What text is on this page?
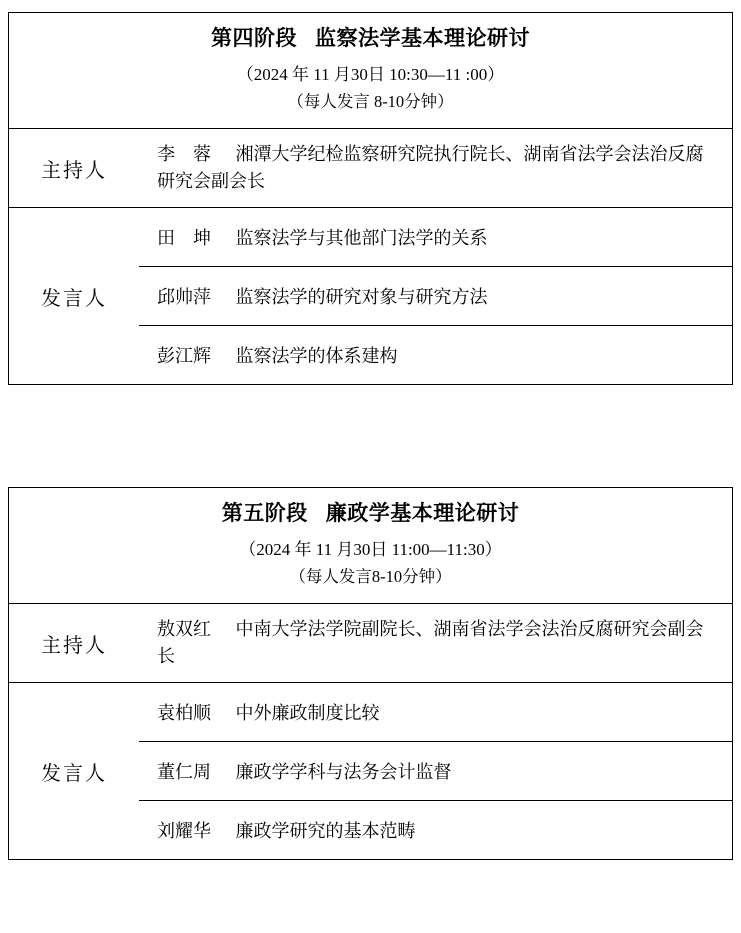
第四阶段 监察法学基本理论研讨
（2024 年 11 月30日 10:30—11 :00）
（每人发言 8-10分钟）
主持人	李　蓉 湘潭大学纪检监察研究院执行院长、湖南省法学会法治反腐研究会副会长
发言人	
田　坤 监察法学与其他部门法学的关系
邱帅萍 监察法学的研究对象与研究方法
彭江辉 监察法学的体系建构
第五阶段 廉政学基本理论研讨
（2024 年 11 月30日 11:00—11:30）
（每人发言8-10分钟）
主持人	敖双红 中南大学法学院副院长、湖南省法学会法治反腐研究会副会长
发言人	
袁柏顺 中外廉政制度比较
董仁周 廉政学学科与法务会计监督
刘耀华 廉政学研究的基本范畴
